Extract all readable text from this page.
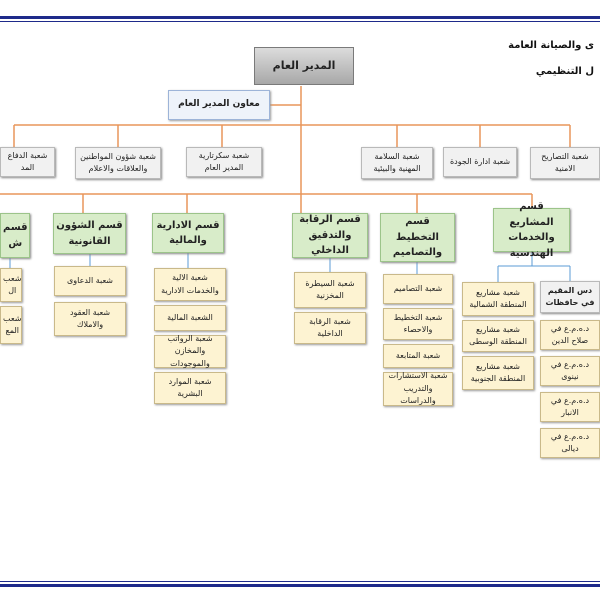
ى والصيانة العامة
ل التنظيمي
المدير العام
معاون المدير العام
شعبة الدفاع المد
شعبة شؤون المواطنين والعلاقات والاعلام
شعبة سكرتارية المدير العام
شعبة السلامة المهنية والبيئية
شعبة ادارة الجودة
شعبة التصاريح الامنية
قسم ش
قسم الشؤون القانونية
قسم الادارية والمالية
قسم الرقابة والتدقيق الداخلي
قسم التخطيط والتصاميم
قسم المشاريع والخدمات الهندسية
شعب ال
شعب المع
شعبة الدعاوى
شعبة العقود والاملاك
شعبة الالية والخدمات الادارية
الشعبة المالية
شعبة الرواتب والمخازن والموجودات
شعبة الموارد البشرية
شعبة السيطرة المخزنية
شعبة الرقابة الداخلية
شعبة التصاميم
شعبة التخطيط والاحصاء
شعبة المتابعة
شعبة الاستشارات والتدريب والدراسات
شعبة مشاريع المنطقة الشمالية
شعبة مشاريع المنطقة الوسطى
شعبة مشاريع المنطقة الجنوبية
دس المقيم في حافظات
د.ه.م.ع في صلاح الدين
د.ه.م.ع في نينوى
د.ه.م.ع في الانبار
د.ه.م.ع في ديالى
